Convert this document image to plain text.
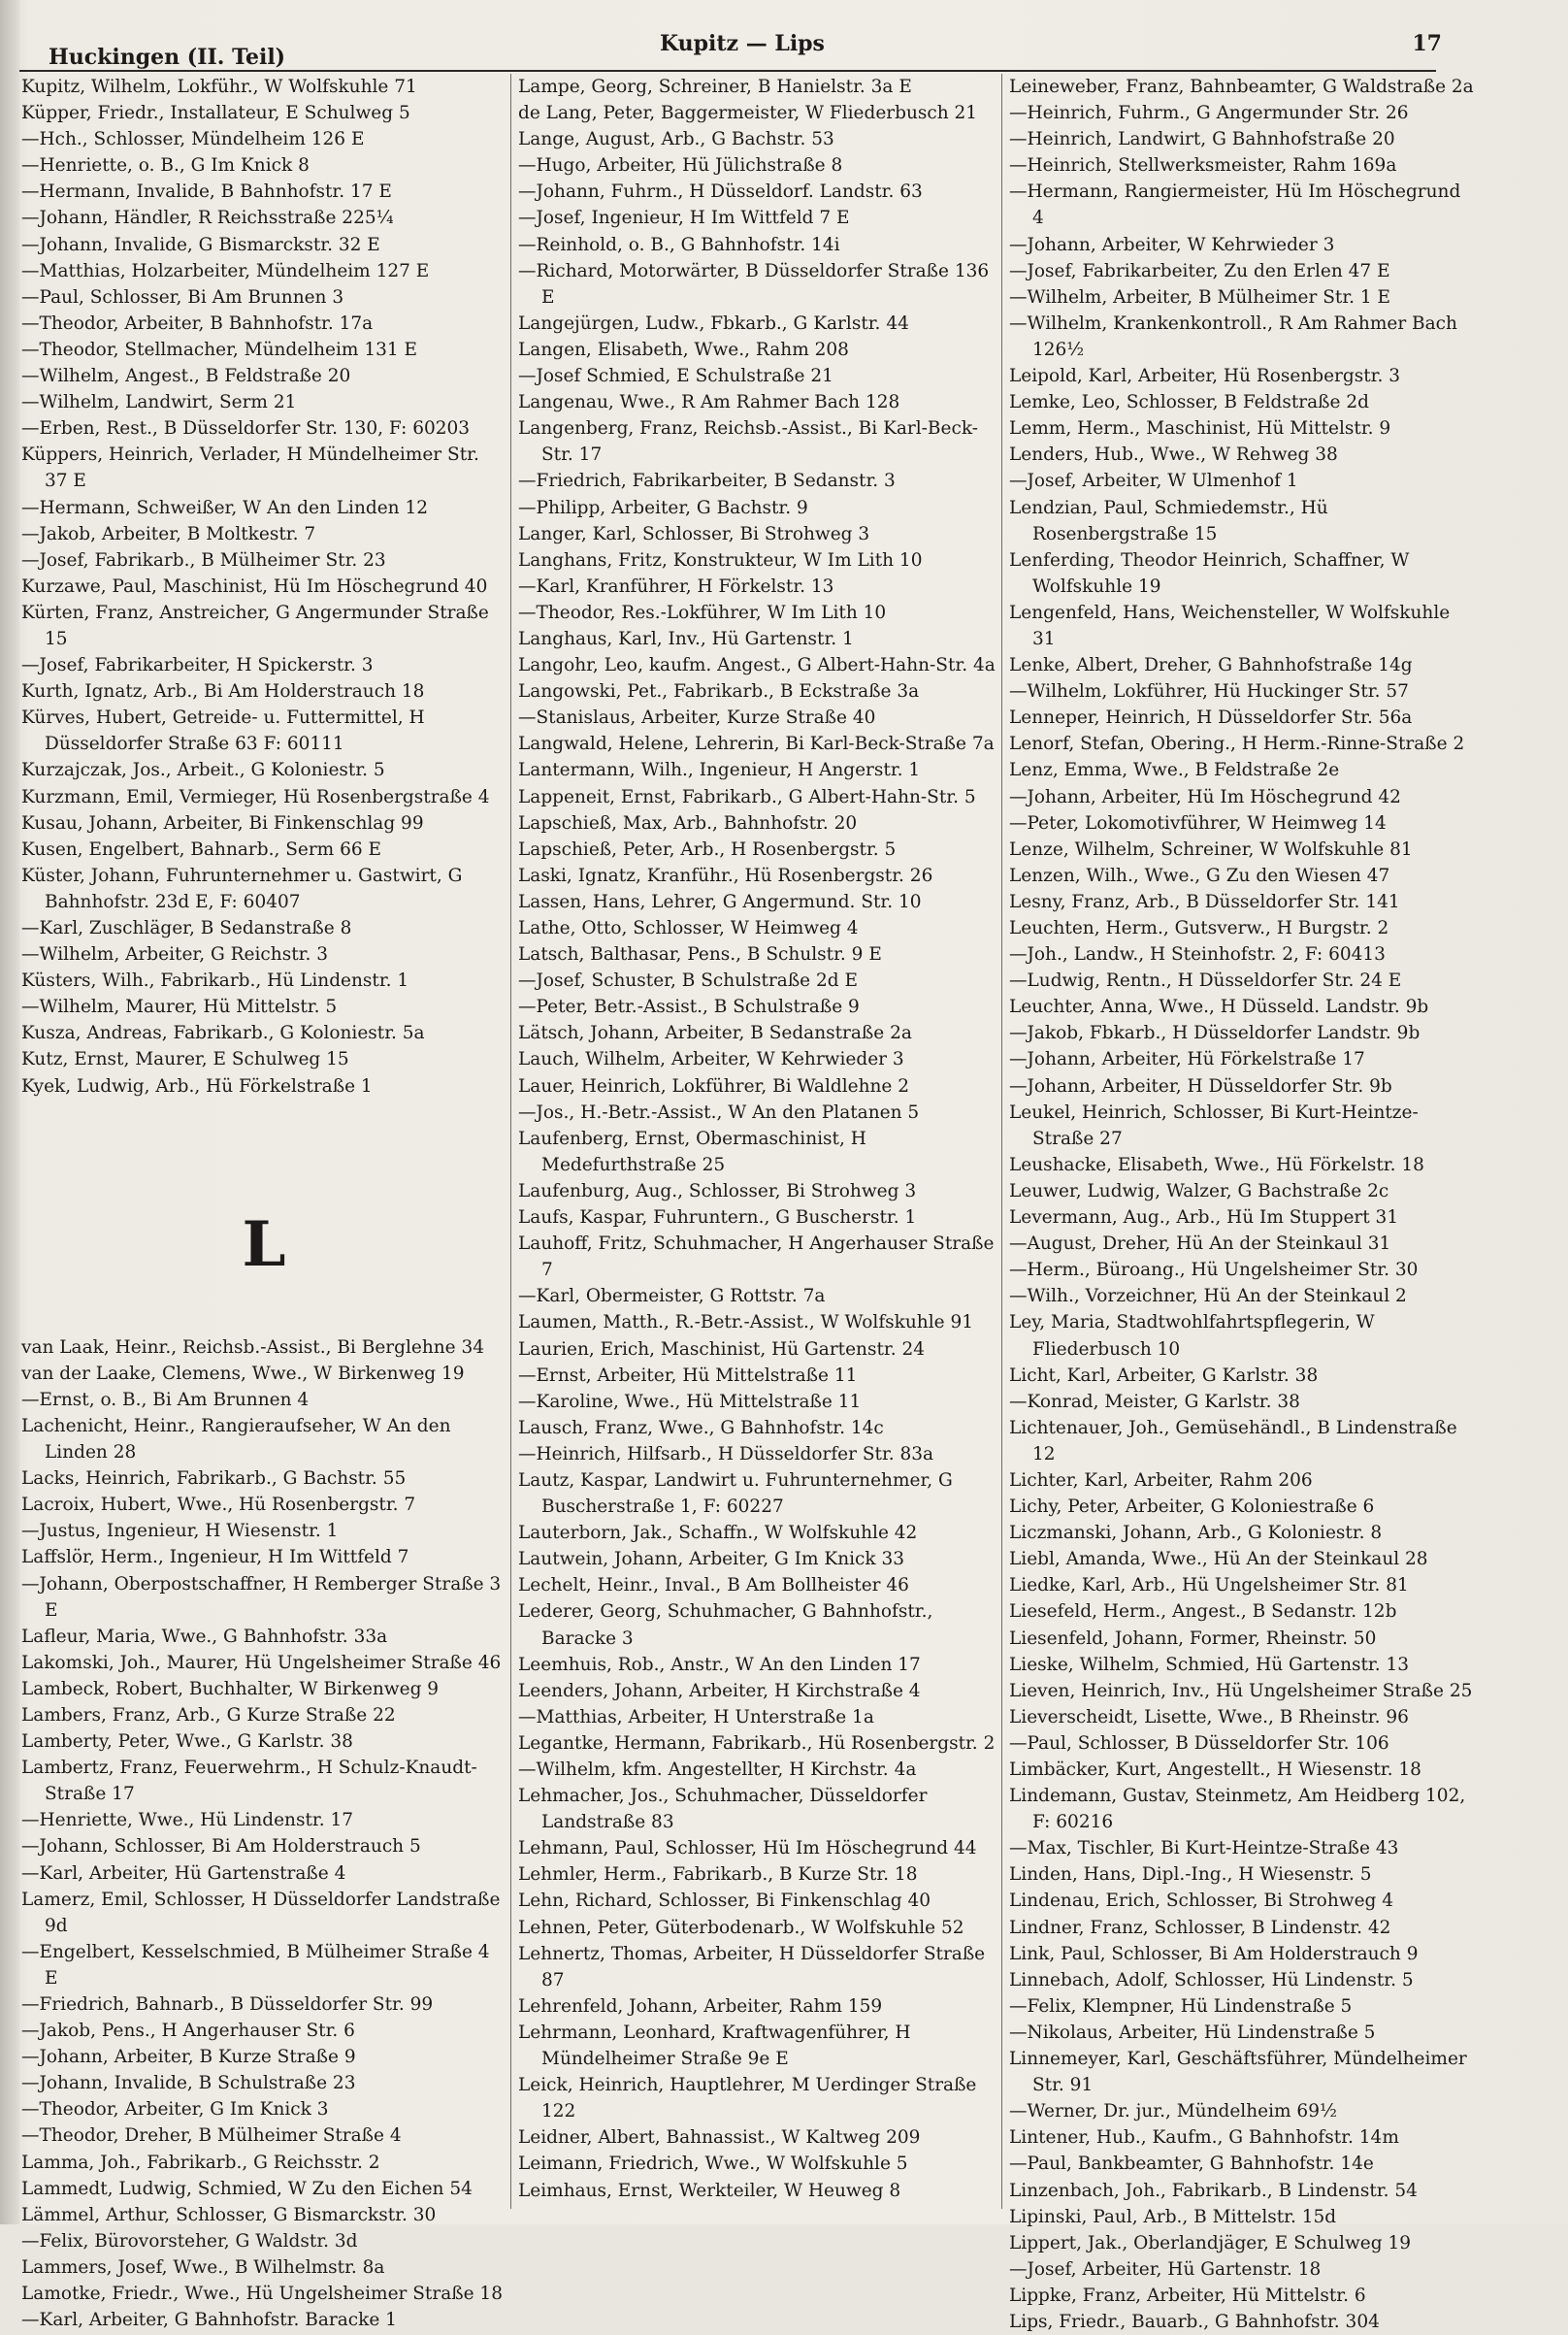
Huckingen (II. Teil)
Kupitz — Lips	17

Kupitz, Wilhelm, Lokführ., W Wolfskuhle 71

Küpper, Friedr., Installateur, E Schulweg 5

—Hch., Schlosser, Mündelheim 126 E

—Henriette, o. B., G Im Knick 8

—Hermann, Invalide, B Bahnhofstr. 17 E

—Johann, Händler, R Reichsstraße 225¼

—Johann, Invalide, G Bismarckstr. 32 E

—Matthias, Holzarbeiter, Mündelheim 127 E

—Paul, Schlosser, Bi Am Brunnen 3

—Theodor, Arbeiter, B Bahnhofstr. 17a

—Theodor, Stellmacher, Mündelheim 131 E

—Wilhelm, Angest., B Feldstraße 20

—Wilhelm, Landwirt, Serm 21

—Erben, Rest., B Düsseldorfer Str. 130, F: 60203

Küppers, Heinrich, Verlader, H Mündelheimer Str. 37 E

—Hermann, Schweißer, W An den Linden 12

—Jakob, Arbeiter, B Moltkestr. 7

—Josef, Fabrikarb., B Mülheimer Str. 23

Kurzawe, Paul, Maschinist, Hü Im Höschegrund 40

Kürten, Franz, Anstreicher, G Angermunder Straße 15

—Josef, Fabrikarbeiter, H Spickerstr. 3

Kurth, Ignatz, Arb., Bi Am Holderstrauch 18

Kürves, Hubert, Getreide- u. Futtermittel, H Düsseldorfer Straße 63 F: 60111

Kurzajczak, Jos., Arbeit., G Koloniestr. 5

Kurzmann, Emil, Vermieger, Hü Rosenbergstraße 4

Kusau, Johann, Arbeiter, Bi Finkenschlag 99

Kusen, Engelbert, Bahnarb., Serm 66 E

Küster, Johann, Fuhrunternehmer u. Gastwirt, G Bahnhofstr. 23d E, F: 60407

—Karl, Zuschläger, B Sedanstraße 8

—Wilhelm, Arbeiter, G Reichstr. 3

Küsters, Wilh., Fabrikarb., Hü Lindenstr. 1

—Wilhelm, Maurer, Hü Mittelstr. 5

Kusza, Andreas, Fabrikarb., G Koloniestr. 5a

Kutz, Ernst, Maurer, E Schulweg 15

Kyek, Ludwig, Arb., Hü Förkelstraße 1

L

van Laak, Heinr., Reichsb.-Assist., Bi Berglehne 34

van der Laake, Clemens, Wwe., W Birkenweg 19

—Ernst, o. B., Bi Am Brunnen 4

Lachenicht, Heinr., Rangieraufseher, W An den Linden 28

Lacks, Heinrich, Fabrikarb., G Bachstr. 55

Lacroix, Hubert, Wwe., Hü Rosenbergstr. 7

—Justus, Ingenieur, H Wiesenstr. 1

Laffslör, Herm., Ingenieur, H Im Wittfeld 7

—Johann, Oberpostschaffner, H Remberger Straße 3 E

Lafleur, Maria, Wwe., G Bahnhofstr. 33a

Lakomski, Joh., Maurer, Hü Ungelsheimer Straße 46

Lambeck, Robert, Buchhalter, W Birkenweg 9

Lambers, Franz, Arb., G Kurze Straße 22

Lamberty, Peter, Wwe., G Karlstr. 38

Lambertz, Franz, Feuerwehrm., H Schulz-Knaudt-Straße 17

—Henriette, Wwe., Hü Lindenstr. 17

—Johann, Schlosser, Bi Am Holderstrauch 5

—Karl, Arbeiter, Hü Gartenstraße 4

Lamerz, Emil, Schlosser, H Düsseldorfer Landstraße 9d

—Engelbert, Kesselschmied, B Mülheimer Straße 4 E

—Friedrich, Bahnarb., B Düsseldorfer Str. 99

—Jakob, Pens., H Angerhauser Str. 6

—Johann, Arbeiter, B Kurze Straße 9

—Johann, Invalide, B Schulstraße 23

—Theodor, Arbeiter, G Im Knick 3

—Theodor, Dreher, B Mülheimer Straße 4

Lamma, Joh., Fabrikarb., G Reichsstr. 2

Lammedt, Ludwig, Schmied, W Zu den Eichen 54

Lämmel, Arthur, Schlosser, G Bismarckstr. 30

—Felix, Bürovorsteher, G Waldstr. 3d

Lammers, Josef, Wwe., B Wilhelmstr. 8a

Lamotke, Friedr., Wwe., Hü Ungelsheimer Straße 18

—Karl, Arbeiter, G Bahnhofstr. Baracke 1

Lampe, Georg, Schreiner, B Hanielstr. 3a E

de Lang, Peter, Baggermeister, W Fliederbusch 21

Lange, August, Arb., G Bachstr. 53

—Hugo, Arbeiter, Hü Jülichstraße 8

—Johann, Fuhrm., H Düsseldorf. Landstr. 63

—Josef, Ingenieur, H Im Wittfeld 7 E

—Reinhold, o. B., G Bahnhofstr. 14i

—Richard, Motorwärter, B Düsseldorfer Straße 136 E

Langejürgen, Ludw., Fbkarb., G Karlstr. 44

Langen, Elisabeth, Wwe., Rahm 208

—Josef Schmied, E Schulstraße 21

Langenau, Wwe., R Am Rahmer Bach 128

Langenberg, Franz, Reichsb.-Assist., Bi Karl-Beck-Str. 17

—Friedrich, Fabrikarbeiter, B Sedanstr. 3

—Philipp, Arbeiter, G Bachstr. 9

Langer, Karl, Schlosser, Bi Strohweg 3

Langhans, Fritz, Konstrukteur, W Im Lith 10

—Karl, Kranführer, H Förkelstr. 13

—Theodor, Res.-Lokführer, W Im Lith 10

Langhaus, Karl, Inv., Hü Gartenstr. 1

Langohr, Leo, kaufm. Angest., G Albert-Hahn-Str. 4a

Langowski, Pet., Fabrikarb., B Eckstraße 3a

—Stanislaus, Arbeiter, Kurze Straße 40

Langwald, Helene, Lehrerin, Bi Karl-Beck-Straße 7a

Lantermann, Wilh., Ingenieur, H Angerstr. 1

Lappeneit, Ernst, Fabrikarb., G Albert-Hahn-Str. 5

Lapschieß, Max, Arb., Bahnhofstr. 20

Lapschieß, Peter, Arb., H Rosenbergstr. 5

Laski, Ignatz, Kranführ., Hü Rosenbergstr. 26

Lassen, Hans, Lehrer, G Angermund. Str. 10

Lathe, Otto, Schlosser, W Heimweg 4

Latsch, Balthasar, Pens., B Schulstr. 9 E

—Josef, Schuster, B Schulstraße 2d E

—Peter, Betr.-Assist., B Schulstraße 9

Lätsch, Johann, Arbeiter, B Sedanstraße 2a

Lauch, Wilhelm, Arbeiter, W Kehrwieder 3

Lauer, Heinrich, Lokführer, Bi Waldlehne 2

—Jos., H.-Betr.-Assist., W An den Platanen 5

Laufenberg, Ernst, Obermaschinist, H Medefurthstraße 25

Laufenburg, Aug., Schlosser, Bi Strohweg 3

Laufs, Kaspar, Fuhruntern., G Buscherstr. 1

Lauhoff, Fritz, Schuhmacher, H Angerhauser Straße 7

—Karl, Obermeister, G Rottstr. 7a

Laumen, Matth., R.-Betr.-Assist., W Wolfskuhle 91

Laurien, Erich, Maschinist, Hü Gartenstr. 24

—Ernst, Arbeiter, Hü Mittelstraße 11

—Karoline, Wwe., Hü Mittelstraße 11

Lausch, Franz, Wwe., G Bahnhofstr. 14c

—Heinrich, Hilfsarb., H Düsseldorfer Str. 83a

Lautz, Kaspar, Landwirt u. Fuhrunternehmer, G Buscherstraße 1, F: 60227

Lauterborn, Jak., Schaffn., W Wolfskuhle 42

Lautwein, Johann, Arbeiter, G Im Knick 33

Lechelt, Heinr., Inval., B Am Bollheister 46

Lederer, Georg, Schuhmacher, G Bahnhofstr., Baracke 3

Leemhuis, Rob., Anstr., W An den Linden 17

Leenders, Johann, Arbeiter, H Kirchstraße 4

—Matthias, Arbeiter, H Unterstraße 1a

Legantke, Hermann, Fabrikarb., Hü Rosenbergstr. 2

—Wilhelm, kfm. Angestellter, H Kirchstr. 4a

Lehmacher, Jos., Schuhmacher, Düsseldorfer Landstraße 83

Lehmann, Paul, Schlosser, Hü Im Höschegrund 44

Lehmler, Herm., Fabrikarb., B Kurze Str. 18

Lehn, Richard, Schlosser, Bi Finkenschlag 40

Lehnen, Peter, Güterbodenarb., W Wolfskuhle 52

Lehnertz, Thomas, Arbeiter, H Düsseldorfer Straße 87

Lehrenfeld, Johann, Arbeiter, Rahm 159

Lehrmann, Leonhard, Kraftwagenführer, H Mündelheimer Straße 9e E

Leick, Heinrich, Hauptlehrer, M Uerdinger Straße 122

Leidner, Albert, Bahnassist., W Kaltweg 209

Leimann, Friedrich, Wwe., W Wolfskuhle 5

Leimhaus, Ernst, Werkteiler, W Heuweg 8

Leineweber, Franz, Bahnbeamter, G Waldstraße 2a

—Heinrich, Fuhrm., G Angermunder Str. 26

—Heinrich, Landwirt, G Bahnhofstraße 20

—Heinrich, Stellwerksmeister, Rahm 169a

—Hermann, Rangiermeister, Hü Im Höschegrund 4

—Johann, Arbeiter, W Kehrwieder 3

—Josef, Fabrikarbeiter, Zu den Erlen 47 E

—Wilhelm, Arbeiter, B Mülheimer Str. 1 E

—Wilhelm, Krankenkontroll., R Am Rahmer Bach 126½

Leipold, Karl, Arbeiter, Hü Rosenbergstr. 3

Lemke, Leo, Schlosser, B Feldstraße 2d

Lemm, Herm., Maschinist, Hü Mittelstr. 9

Lenders, Hub., Wwe., W Rehweg 38

—Josef, Arbeiter, W Ulmenhof 1

Lendzian, Paul, Schmiedemstr., Hü Rosenbergstraße 15

Lenferding, Theodor Heinrich, Schaffner, W Wolfskuhle 19

Lengenfeld, Hans, Weichensteller, W Wolfskuhle 31

Lenke, Albert, Dreher, G Bahnhofstraße 14g

—Wilhelm, Lokführer, Hü Huckinger Str. 57

Lenneper, Heinrich, H Düsseldorfer Str. 56a

Lenorf, Stefan, Obering., H Herm.-Rinne-Straße 2

Lenz, Emma, Wwe., B Feldstraße 2e

—Johann, Arbeiter, Hü Im Höschegrund 42

—Peter, Lokomotivführer, W Heimweg 14

Lenze, Wilhelm, Schreiner, W Wolfskuhle 81

Lenzen, Wilh., Wwe., G Zu den Wiesen 47

Lesny, Franz, Arb., B Düsseldorfer Str. 141

Leuchten, Herm., Gutsverw., H Burgstr. 2

—Joh., Landw., H Steinhofstr. 2, F: 60413

—Ludwig, Rentn., H Düsseldorfer Str. 24 E

Leuchter, Anna, Wwe., H Düsseld. Landstr. 9b

—Jakob, Fbkarb., H Düsseldorfer Landstr. 9b

—Johann, Arbeiter, Hü Förkelstraße 17

—Johann, Arbeiter, H Düsseldorfer Str. 9b

Leukel, Heinrich, Schlosser, Bi Kurt-Heintze-Straße 27

Leushacke, Elisabeth, Wwe., Hü Förkelstr. 18

Leuwer, Ludwig, Walzer, G Bachstraße 2c

Levermann, Aug., Arb., Hü Im Stuppert 31

—August, Dreher, Hü An der Steinkaul 31

—Herm., Büroang., Hü Ungelsheimer Str. 30

—Wilh., Vorzeichner, Hü An der Steinkaul 2

Ley, Maria, Stadtwohlfahrtspflegerin, W Fliederbusch 10

Licht, Karl, Arbeiter, G Karlstr. 38

—Konrad, Meister, G Karlstr. 38

Lichtenauer, Joh., Gemüsehändl., B Lindenstraße 12

Lichter, Karl, Arbeiter, Rahm 206

Lichy, Peter, Arbeiter, G Koloniestraße 6

Liczmanski, Johann, Arb., G Koloniestr. 8

Liebl, Amanda, Wwe., Hü An der Steinkaul 28

Liedke, Karl, Arb., Hü Ungelsheimer Str. 81

Liesefeld, Herm., Angest., B Sedanstr. 12b

Liesenfeld, Johann, Former, Rheinstr. 50

Lieske, Wilhelm, Schmied, Hü Gartenstr. 13

Lieven, Heinrich, Inv., Hü Ungelsheimer Straße 25

Lieverscheidt, Lisette, Wwe., B Rheinstr. 96

—Paul, Schlosser, B Düsseldorfer Str. 106

Limbäcker, Kurt, Angestellt., H Wiesenstr. 18

Lindemann, Gustav, Steinmetz, Am Heidberg 102, F: 60216

—Max, Tischler, Bi Kurt-Heintze-Straße 43

Linden, Hans, Dipl.-Ing., H Wiesenstr. 5

Lindenau, Erich, Schlosser, Bi Strohweg 4

Lindner, Franz, Schlosser, B Lindenstr. 42

Link, Paul, Schlosser, Bi Am Holderstrauch 9

Linnebach, Adolf, Schlosser, Hü Lindenstr. 5

—Felix, Klempner, Hü Lindenstraße 5

—Nikolaus, Arbeiter, Hü Lindenstraße 5

Linnemeyer, Karl, Geschäftsführer, Mündelheimer Str. 91

—Werner, Dr. jur., Mündelheim 69½

Lintener, Hub., Kaufm., G Bahnhofstr. 14m

—Paul, Bankbeamter, G Bahnhofstr. 14e

Linzenbach, Joh., Fabrikarb., B Lindenstr. 54

Lipinski, Paul, Arb., B Mittelstr. 15d

Lippert, Jak., Oberlandjäger, E Schulweg 19

—Josef, Arbeiter, Hü Gartenstr. 18

Lippke, Franz, Arbeiter, Hü Mittelstr. 6

Lips, Friedr., Bauarb., G Bahnhofstr. 304
